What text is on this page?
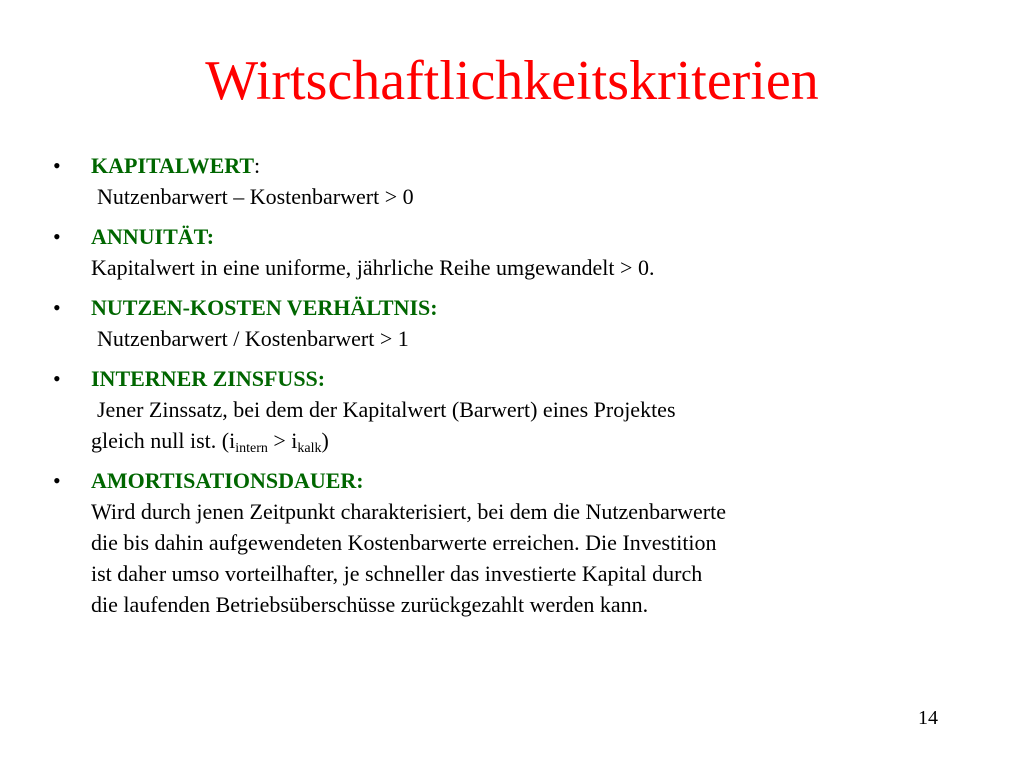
Wirtschaftlichkeitskriterien
• KAPITALWERT:
Nutzenbarwert – Kostenbarwert > 0
• ANNUITÄT:
Kapitalwert in eine uniforme, jährliche Reihe umgewandelt > 0.
• NUTZEN-KOSTEN VERHÄLTNIS:
Nutzenbarwert / Kostenbarwert > 1
• INTERNER ZINSFUSS:
Jener Zinssatz, bei dem der Kapitalwert (Barwert) eines Projektes
gleich null ist. $(i_{intern} > i_{kalk})$
• AMORTISATIONSDAUER:
Wird durch jenen Zeitpunkt charakterisiert, bei dem die Nutzenbarwerte
die bis dahin aufgewendeten Kostenbarwerte erreichen. Die Investition
ist daher umso vorteilhafter, je schneller das investierte Kapital durch
die laufenden Betriebsüberschüsse zurückgezahlt werden kann.
14
